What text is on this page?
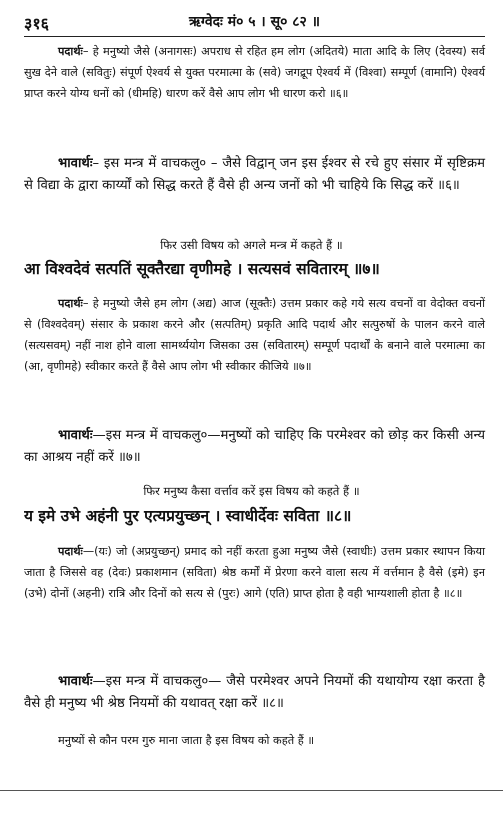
३१६	ऋग्वेदः मं० ५ । सू० ८२ ॥

पदार्थः– हे मनुष्यो जैसे (अनागसः) अपराध से रहित हम लोग (अदितये) माता आदि के लिए (देवस्य) सर्व सुख देने वाले (सवितुः) संपूर्ण ऐश्वर्य से युक्त परमात्मा के (सवे) जगद्रूप ऐश्वर्य में (विश्वा) सम्पूर्ण (वामानि) ऐश्वर्य प्राप्त करने योग्य धनों को (धीमहि) धारण करें वैसे आप लोग भी धारण करो ॥६॥

भावार्थः– इस मन्त्र में वाचकलु० – जैसे विद्वान् जन इस ईश्वर से रचे हुए संसार में सृष्टिक्रम से विद्या के द्वारा कार्य्यों को सिद्ध करते हैं वैसे ही अन्य जनों को भी चाहिये कि सिद्ध करें ॥६॥

फिर उसी विषय को अगले मन्त्र में कहते हैं ॥
आ विश्वदेवं सत्पतिं सूक्तैरद्या वृणीमहे । सत्यसवं सवितारम् ॥७॥

पदार्थः– हे मनुष्यो जैसे हम लोग (अद्य) आज (सूक्तैः) उत्तम प्रकार कहे गये सत्य वचनों वा वेदोक्त वचनों से (विश्वदेवम्) संसार के प्रकाश करने और (सत्पतिम्) प्रकृति आदि पदार्थ और सत्पुरुषों के पालन करने वाले (सत्यसवम्) नहीं नाश होने वाला सामर्थ्ययोग जिसका उस (सवितारम्) सम्पूर्ण पदार्थों के बनाने वाले परमात्मा का (आ, वृणीमहे) स्वीकार करते हैं वैसे आप लोग भी स्वीकार कीजिये ॥७॥

भावार्थः—इस मन्त्र में वाचकलु०—मनुष्यों को चाहिए कि परमेश्वर को छोड़ कर किसी अन्य का आश्रय नहीं करें ॥७॥

फिर मनुष्य कैसा वर्त्ताव करें इस विषय को कहते हैं ॥
य इमे उभे अहंनी पुर एत्यप्रयुच्छन् । स्वाधीर्देवः सविता ॥८॥

पदार्थः—(यः) जो (अप्रयुच्छन्) प्रमाद को नहीं करता हुआ मनुष्य जैसे (स्वाधीः) उत्तम प्रकार स्थापन किया जाता है जिससे वह (देवः) प्रकाशमान (सविता) श्रेष्ठ कर्मों में प्रेरणा करने वाला सत्य में वर्त्तमान है वैसे (इमे) इन (उभे) दोनों (अहनी) रात्रि और दिनों को सत्य से (पुरः) आगे (एति) प्राप्त होता है वही भाग्यशाली होता है ॥८॥

भावार्थः—इस मन्त्र में वाचकलु०— जैसे परमेश्वर अपने नियमों की यथायोग्य रक्षा करता है वैसे ही मनुष्य भी श्रेष्ठ नियमों की यथावत् रक्षा करें ॥८॥

मनुष्यों से कौन परम गुरु माना जाता है इस विषय को कहते हैं ॥
